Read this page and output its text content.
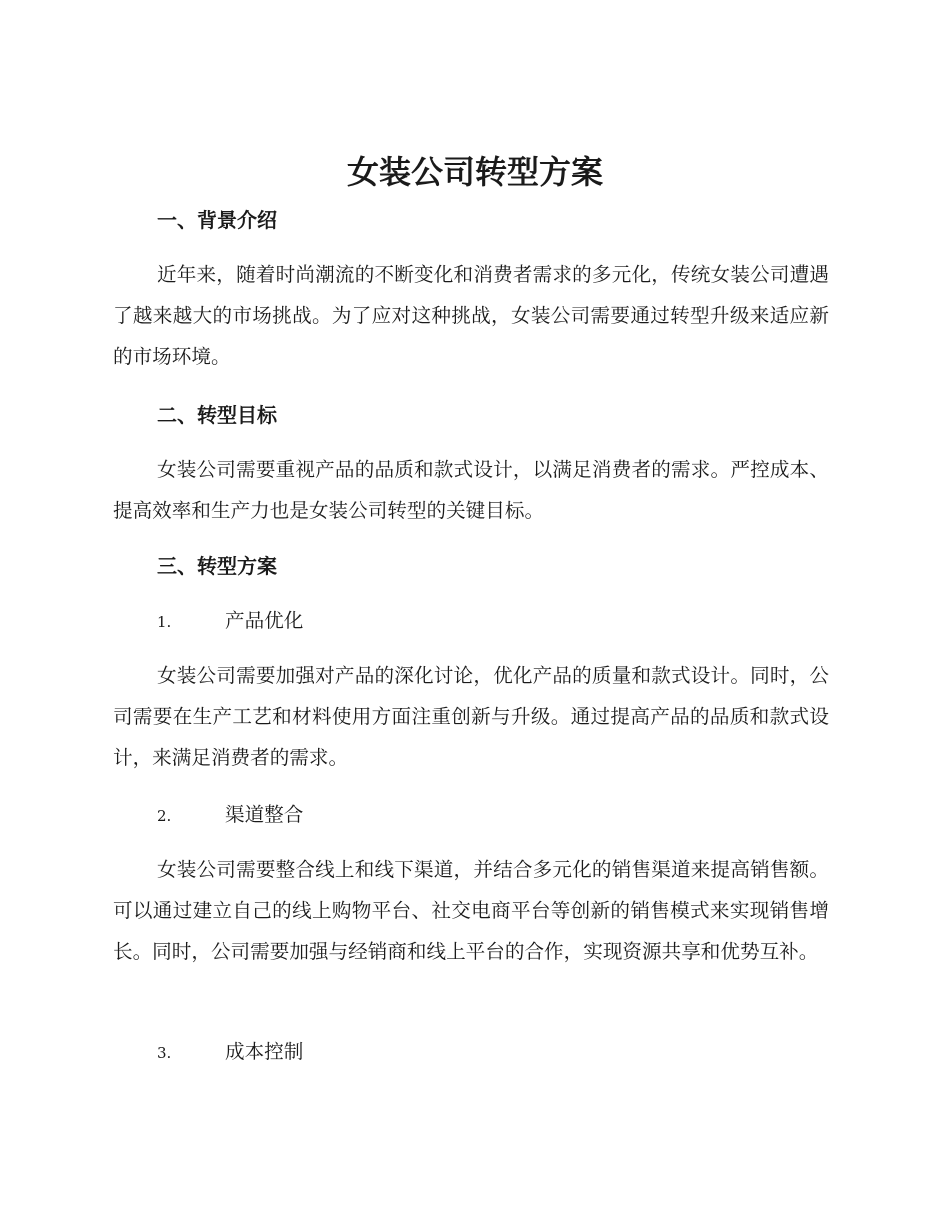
女装公司转型方案
一、背景介绍

近年来，随着时尚潮流的不断变化和消费者需求的多元化，传统女装公司遭遇了越来越大的市场挑战。为了应对这种挑战，女装公司需要通过转型升级来适应新的市场环境。

二、转型目标

女装公司需要重视产品的品质和款式设计，以满足消费者的需求。严控成本、提高效率和生产力也是女装公司转型的关键目标。

三、转型方案
1.	产品优化

女装公司需要加强对产品的深化讨论，优化产品的质量和款式设计。同时，公司需要在生产工艺和材料使用方面注重创新与升级。通过提高产品的品质和款式设计，来满足消费者的需求。

2.	渠道整合

女装公司需要整合线上和线下渠道，并结合多元化的销售渠道来提高销售额。可以通过建立自己的线上购物平台、社交电商平台等创新的销售模式来实现销售增长。同时，公司需要加强与经销商和线上平台的合作，实现资源共享和优势互补。

3.	成本控制
